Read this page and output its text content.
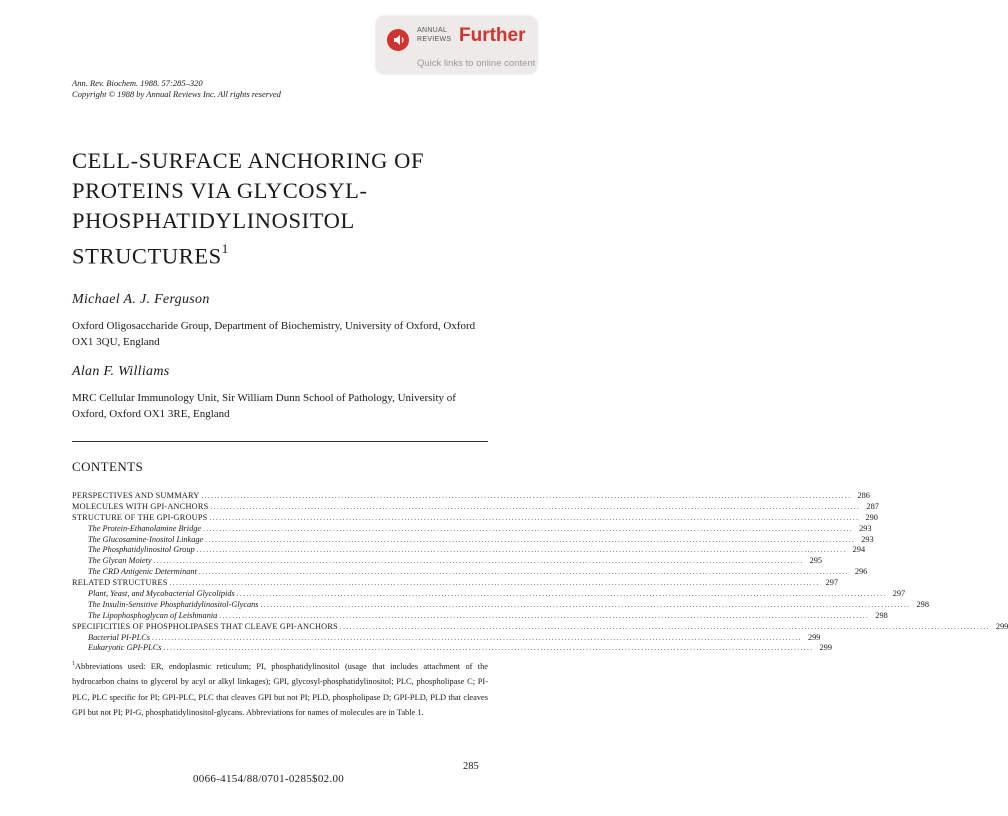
ANNUAL
REVIEWS Further
Quick links to online content
Ann. Rev. Biochem. 1988. 57:285–320
Copyright © 1988 by Annual Reviews Inc. All rights reserved
CELL-SURFACE ANCHORING OF
PROTEINS VIA GLYCOSYL-
PHOSPHATIDYLINOSITOL
STRUCTURES$^1$
Michael A. J. Ferguson
Oxford Oligosaccharide Group, Department of Biochemistry, University of Oxford, Oxford OX1 3QU, England
Alan F. Williams
MRC Cellular Immunology Unit, Sir William Dunn School of Pathology, University of Oxford, Oxford OX1 3RE, England
CONTENTS
PERSPECTIVES AND SUMMARY ........................................................................................................................................................................................................ 286
MOLECULES WITH GPI-ANCHORS ........................................................................................................................................................................................................ 287
STRUCTURE OF THE GPI-GROUPS ........................................................................................................................................................................................................ 290
The Protein-Ethanolamine Bridge ........................................................................................................................................................................................................ 293
The Glucosamine-Inositol Linkage ........................................................................................................................................................................................................ 293
The Phosphatidylinositol Group ........................................................................................................................................................................................................ 294
The Glycan Moiety ........................................................................................................................................................................................................ 295
The CRD Antigenic Determinant ........................................................................................................................................................................................................ 296
RELATED STRUCTURES ........................................................................................................................................................................................................ 297
Plant, Yeast, and Mycobacterial Glycolipids ........................................................................................................................................................................................................ 297
The Insulin-Sensitive Phosphatidylinositol-Glycans ........................................................................................................................................................................................................ 298
The Lipophosphoglycan of Leishmania ........................................................................................................................................................................................................ 298
SPECIFICITIES OF PHOSPHOLIPASES THAT CLEAVE GPI-ANCHORS ........................................................................................................................................................................................................ 299
Bacterial PI-PLCs ........................................................................................................................................................................................................ 299
Eukaryotic GPI-PLCs ........................................................................................................................................................................................................ 299
$^1$Abbreviations used: ER, endoplasmic reticulum; PI, phosphatidylinositol (usage that includes attachment of the hydrocarbon chains to glycerol by acyl or alkyl linkages); GPI, glycosyl-phosphatidylinositol; PLC, phospholipase C; PI-PLC, PLC specific for PI; GPI-PLC, PLC that cleaves GPI but not PI; PLD, phospholipase D; GPI-PLD, PLD that cleaves GPI but not PI; PI-G, phosphatidylinositol-glycans. Abbreviations for names of molecules are in Table 1.
285
0066-4154/88/0701-0285$02.00
